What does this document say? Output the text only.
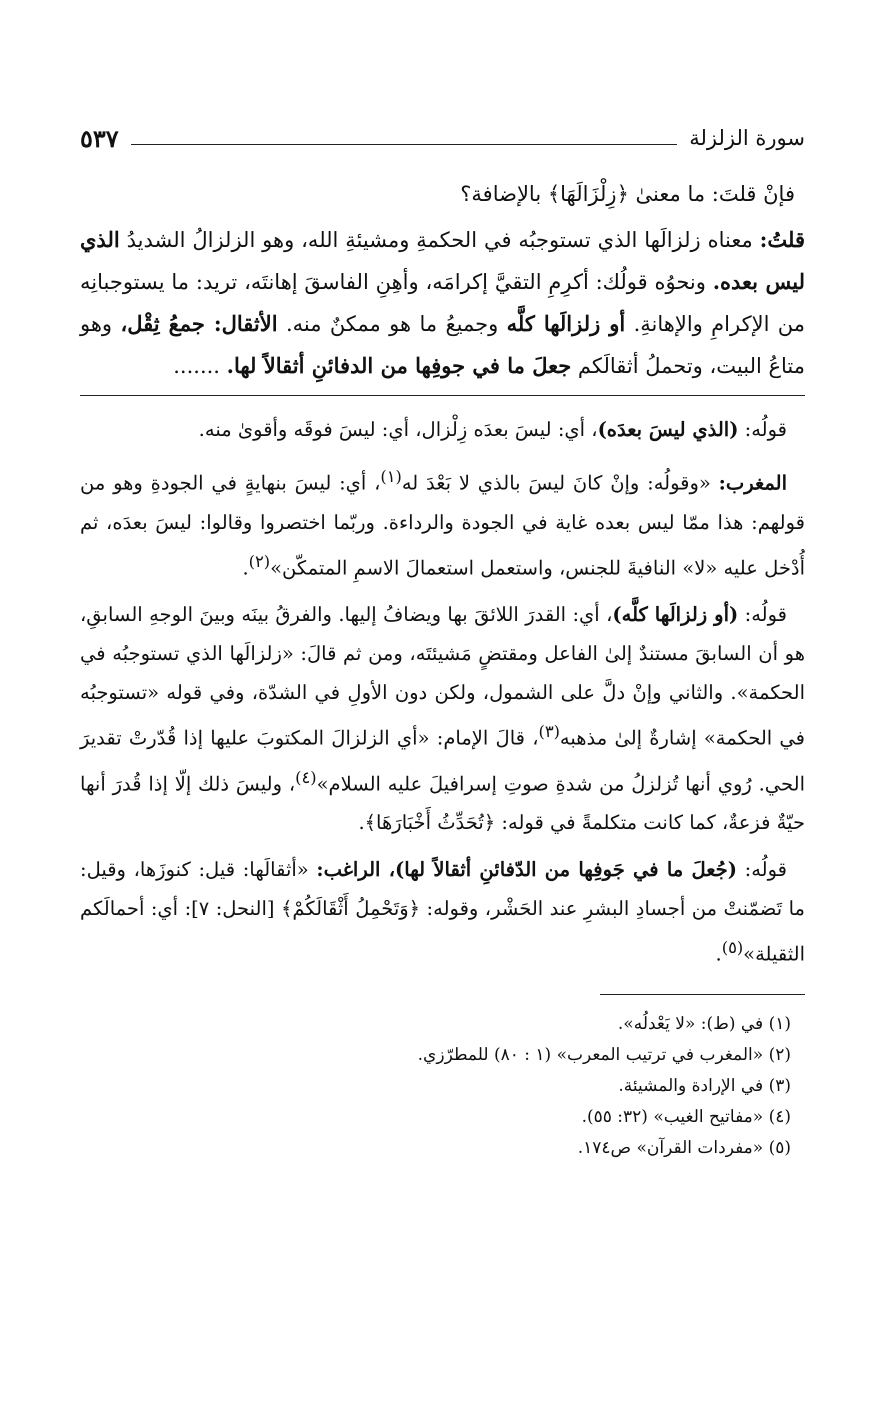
سورة الزلزلة
٥٣٧

فإنْ قلتَ: ما معنىٰ ﴿زِلْزَالَهَا﴾ بالإضافة؟

قلتُ: معناه زلزالَها الذي تستوجبُه في الحكمةِ ومشيئةِ الله، وهو الزلزالُ الشديدُ الذي ليس بعده. ونحوُه قولُك: أكرِمِ التقيَّ إكرامَه، وأهِنِ الفاسقَ إهانتَه، تريد: ما يستوجبانِه من الإكرامِ والإهانةِ. أو زلزالَها كلَّه وجميعُ ما هو ممكنٌ منه. الأثقال: جمعُ ثِقْل، وهو متاعُ البيت، وتحملُ أثقالَكم جعلَ ما في جوفِها من الدفائنِ أثقالاً لها. .......

قولُه: (الذي ليسَ بعدَه)، أي: ليسَ بعدَه زِلْزال، أي: ليسَ فوقَه وأقوىٰ منه.

المغرب: «وقولُه: وإنْ كانَ ليسَ بالذي لا بَعْدَ له$^{(١)}$، أي: ليسَ بنهايةٍ في الجودةِ وهو من قولهم: هذا ممّا ليس بعده غاية في الجودة والرداءة. وربّما اختصروا وقالوا: ليسَ بعدَه، ثم أُدْخل عليه «لا» النافيةَ للجنس، واستعمل استعمالَ الاسمِ المتمكّن»$^{(٢)}$.

قولُه: (أو زلزالَها كلَّه)، أي: القدرَ اللائقَ بها ويضافُ إليها. والفرقُ بينَه وبينَ الوجهِ السابقِ، هو أن السابقَ مستندٌ إلىٰ الفاعل ومقتضٍ مَشيئتَه، ومن ثم قالَ: «زلزالَها الذي تستوجبُه في الحكمة». والثاني وإنْ دلَّ على الشمول، ولكن دون الأولِ في الشدّة، وفي قوله «تستوجبُه في الحكمة» إشارةٌ إلىٰ مذهبه$^{(٣)}$، قالَ الإمام: «أي الزلزالَ المكتوبَ عليها إذا قُدّرتْ تقديرَ الحي. رُوي أنها تُزلزلُ من شدةِ صوتِ إسرافيلَ عليه السلام»$^{(٤)}$، وليسَ ذلك إلّا إذا قُدرَ أنها حيّةٌ فزعةٌ، كما كانت متكلمةً في قوله: ﴿تُحَدِّثُ أَخْبَارَهَا﴾.

قولُه: (جُعلَ ما في جَوفِها من الدّفائنِ أثقالاً لها)، الراغب: «أثقالَها: قيل: كنوزَها، وقيل: ما تَضمّنتْ من أجسادِ البشرِ عند الحَشْر، وقوله: ﴿وَتَحْمِلُ أَثْقَالَكُمْ﴾ [النحل: ٧]: أي: أحمالَكم الثقيلة»$^{(٥)}$.

(١) في (ط): «لا يَعْدلُه».

(٢) «المغرب في ترتيب المعرب» (١ : ٨٠) للمطرّزي.

(٣) في الإرادة والمشيئة.

(٤) «مفاتيح الغيب» (٣٢: ٥٥).

(٥) «مفردات القرآن» ص١٧٤.
